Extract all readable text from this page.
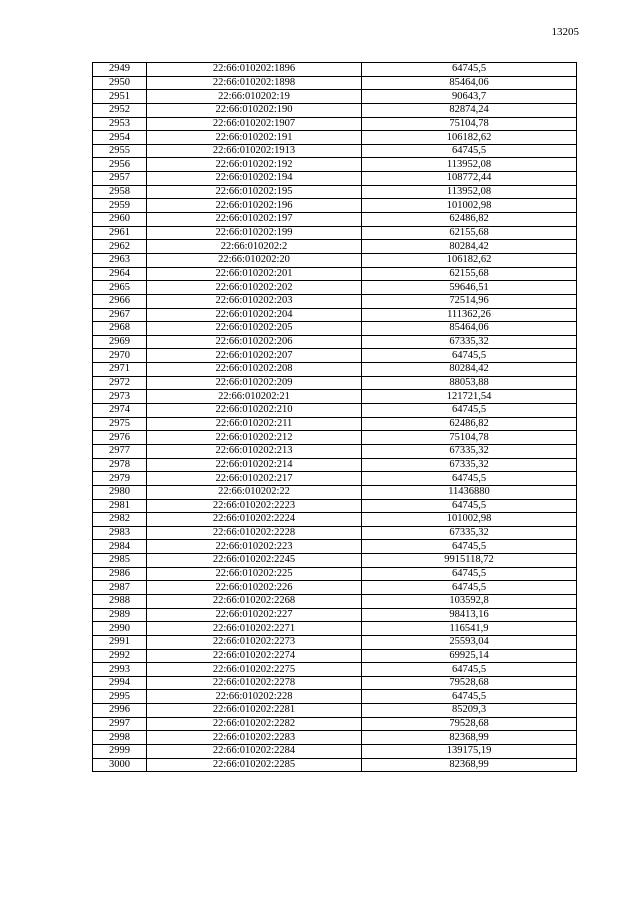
13205
2949	22:66:010202:1896	64745,5
2950	22:66:010202:1898	85464,06
2951	22:66:010202:19	90643,7
2952	22:66:010202:190	82874,24
2953	22:66:010202:1907	75104,78
2954	22:66:010202:191	106182,62
2955	22:66:010202:1913	64745,5
2956	22:66:010202:192	113952,08
2957	22:66:010202:194	108772,44
2958	22:66:010202:195	113952,08
2959	22:66:010202:196	101002,98
2960	22:66:010202:197	62486,82
2961	22:66:010202:199	62155,68
2962	22:66:010202:2	80284,42
2963	22:66:010202:20	106182,62
2964	22:66:010202:201	62155,68
2965	22:66:010202:202	59646,51
2966	22:66:010202:203	72514,96
2967	22:66:010202:204	111362,26
2968	22:66:010202:205	85464,06
2969	22:66:010202:206	67335,32
2970	22:66:010202:207	64745,5
2971	22:66:010202:208	80284,42
2972	22:66:010202:209	88053,88
2973	22:66:010202:21	121721,54
2974	22:66:010202:210	64745,5
2975	22:66:010202:211	62486,82
2976	22:66:010202:212	75104,78
2977	22:66:010202:213	67335,32
2978	22:66:010202:214	67335,32
2979	22:66:010202:217	64745,5
2980	22:66:010202:22	11436880
2981	22:66:010202:2223	64745,5
2982	22:66:010202:2224	101002,98
2983	22:66:010202:2228	67335,32
2984	22:66:010202:223	64745,5
2985	22:66:010202:2245	9915118,72
2986	22:66:010202:225	64745,5
2987	22:66:010202:226	64745,5
2988	22:66:010202:2268	103592,8
2989	22:66:010202:227	98413,16
2990	22:66:010202:2271	116541,9
2991	22:66:010202:2273	25593,04
2992	22:66:010202:2274	69925,14
2993	22:66:010202:2275	64745,5
2994	22:66:010202:2278	79528,68
2995	22:66:010202:228	64745,5
2996	22:66:010202:2281	85209,3
2997	22:66:010202:2282	79528,68
2998	22:66:010202:2283	82368,99
2999	22:66:010202:2284	139175,19
3000	22:66:010202:2285	82368,99
